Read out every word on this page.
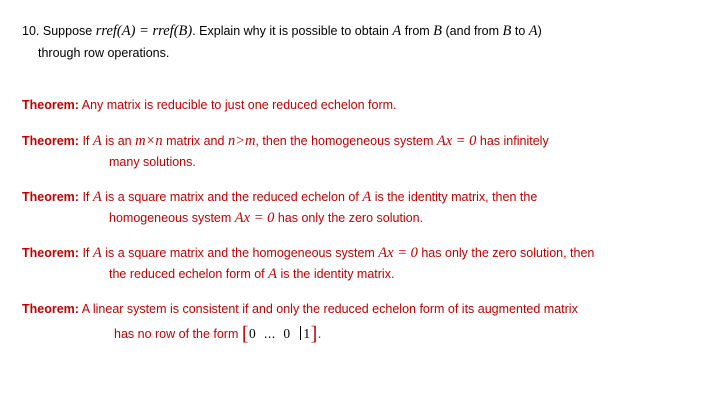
10. Suppose rref(A) = rref(B). Explain why it is possible to obtain A from B (and from B to A)
through row operations.
Theorem: Any matrix is reducible to just one reduced echelon form.
Theorem: If A is an m×n matrix and n>m, then the homogeneous system Ax = 0 has infinitely
many solutions.
Theorem: If A is a square matrix and the reduced echelon of A is the identity matrix, then the
homogeneous system Ax = 0 has only the zero solution.
Theorem: If A is a square matrix and the homogeneous system Ax = 0 has only the zero solution, then
the reduced echelon form of A is the identity matrix.
Theorem: A linear system is consistent if and only the reduced echelon form of its augmented matrix
has no row of the form [0 ... 0 1].
